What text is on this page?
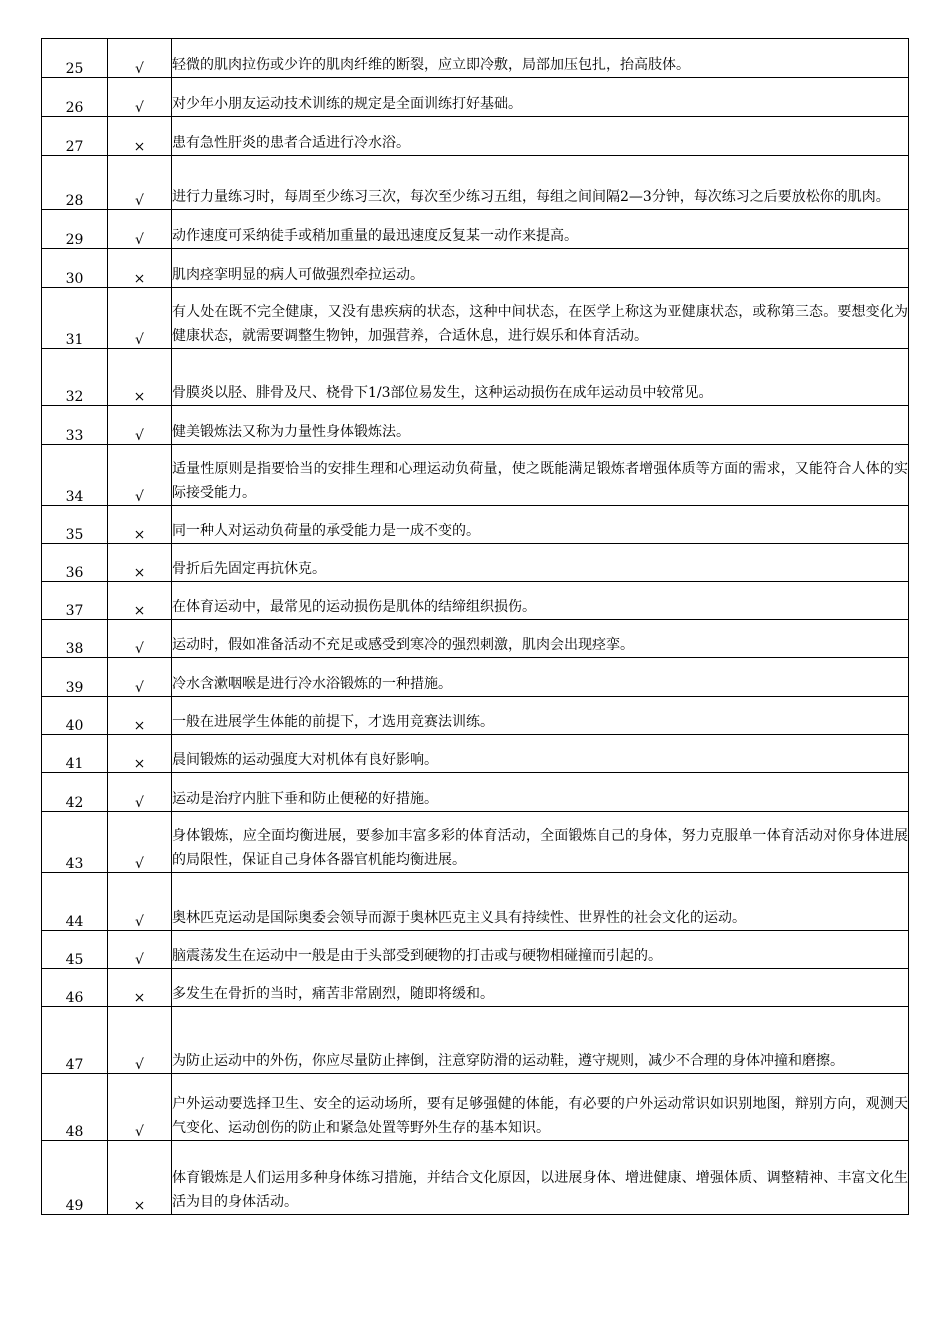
25	√	轻微的肌肉拉伤或少许的肌肉纤维的断裂，应立即冷敷，局部加压包扎，抬高肢体。
26	√	对少年小朋友运动技术训练的规定是全面训练打好基础。
27	×	患有急性肝炎的患者合适进行冷水浴。
28	√	进行力量练习时，每周至少练习三次，每次至少练习五组，每组之间间隔2—3分钟，每次练习之后要放松你的肌肉。
29	√	动作速度可采纳徒手或稍加重量的最迅速度反复某一动作来提高。
30	×	肌肉痉挛明显的病人可做强烈牵拉运动。
31	√	有人处在既不完全健康，又没有患疾病的状态，这种中间状态，在医学上称这为亚健康状态，或称第三态。要想变化为健康状态，就需要调整生物钟，加强营养，合适休息，进行娱乐和体育活动。
32	×	骨膜炎以胫、腓骨及尺、桡骨下1/3部位易发生，这种运动损伤在成年运动员中较常见。
33	√	健美锻炼法又称为力量性身体锻炼法。
34	√	适量性原则是指要恰当的安排生理和心理运动负荷量，使之既能满足锻炼者增强体质等方面的需求，又能符合人体的实际接受能力。
35	×	同一种人对运动负荷量的承受能力是一成不变的。
36	×	骨折后先固定再抗休克。
37	×	在体育运动中，最常见的运动损伤是肌体的结缔组织损伤。
38	√	运动时，假如准备活动不充足或感受到寒冷的强烈刺激，肌肉会出现痉挛。
39	√	冷水含漱咽喉是进行冷水浴锻炼的一种措施。
40	×	一般在进展学生体能的前提下，才选用竞赛法训练。
41	×	晨间锻炼的运动强度大对机体有良好影响。
42	√	运动是治疗内脏下垂和防止便秘的好措施。
43	√	身体锻炼，应全面均衡进展，要参加丰富多彩的体育活动，全面锻炼自己的身体，努力克服单一体育活动对你身体进展的局限性，保证自己身体各器官机能均衡进展。
44	√	奥林匹克运动是国际奥委会领导而源于奥林匹克主义具有持续性、世界性的社会文化的运动。
45	√	脑震荡发生在运动中一般是由于头部受到硬物的打击或与硬物相碰撞而引起的。
46	×	多发生在骨折的当时，痛苦非常剧烈，随即将缓和。
47	√	为防止运动中的外伤，你应尽量防止摔倒，注意穿防滑的运动鞋，遵守规则，减少不合理的身体冲撞和磨擦。
48	√	户外运动要选择卫生、安全的运动场所，要有足够强健的体能，有必要的户外运动常识如识别地图，辩别方向，观测天气变化、运动创伤的防止和紧急处置等野外生存的基本知识。
49	×	体育锻炼是人们运用多种身体练习措施，并结合文化原因，以进展身体、增进健康、增强体质、调整精神、丰富文化生活为目的身体活动。
